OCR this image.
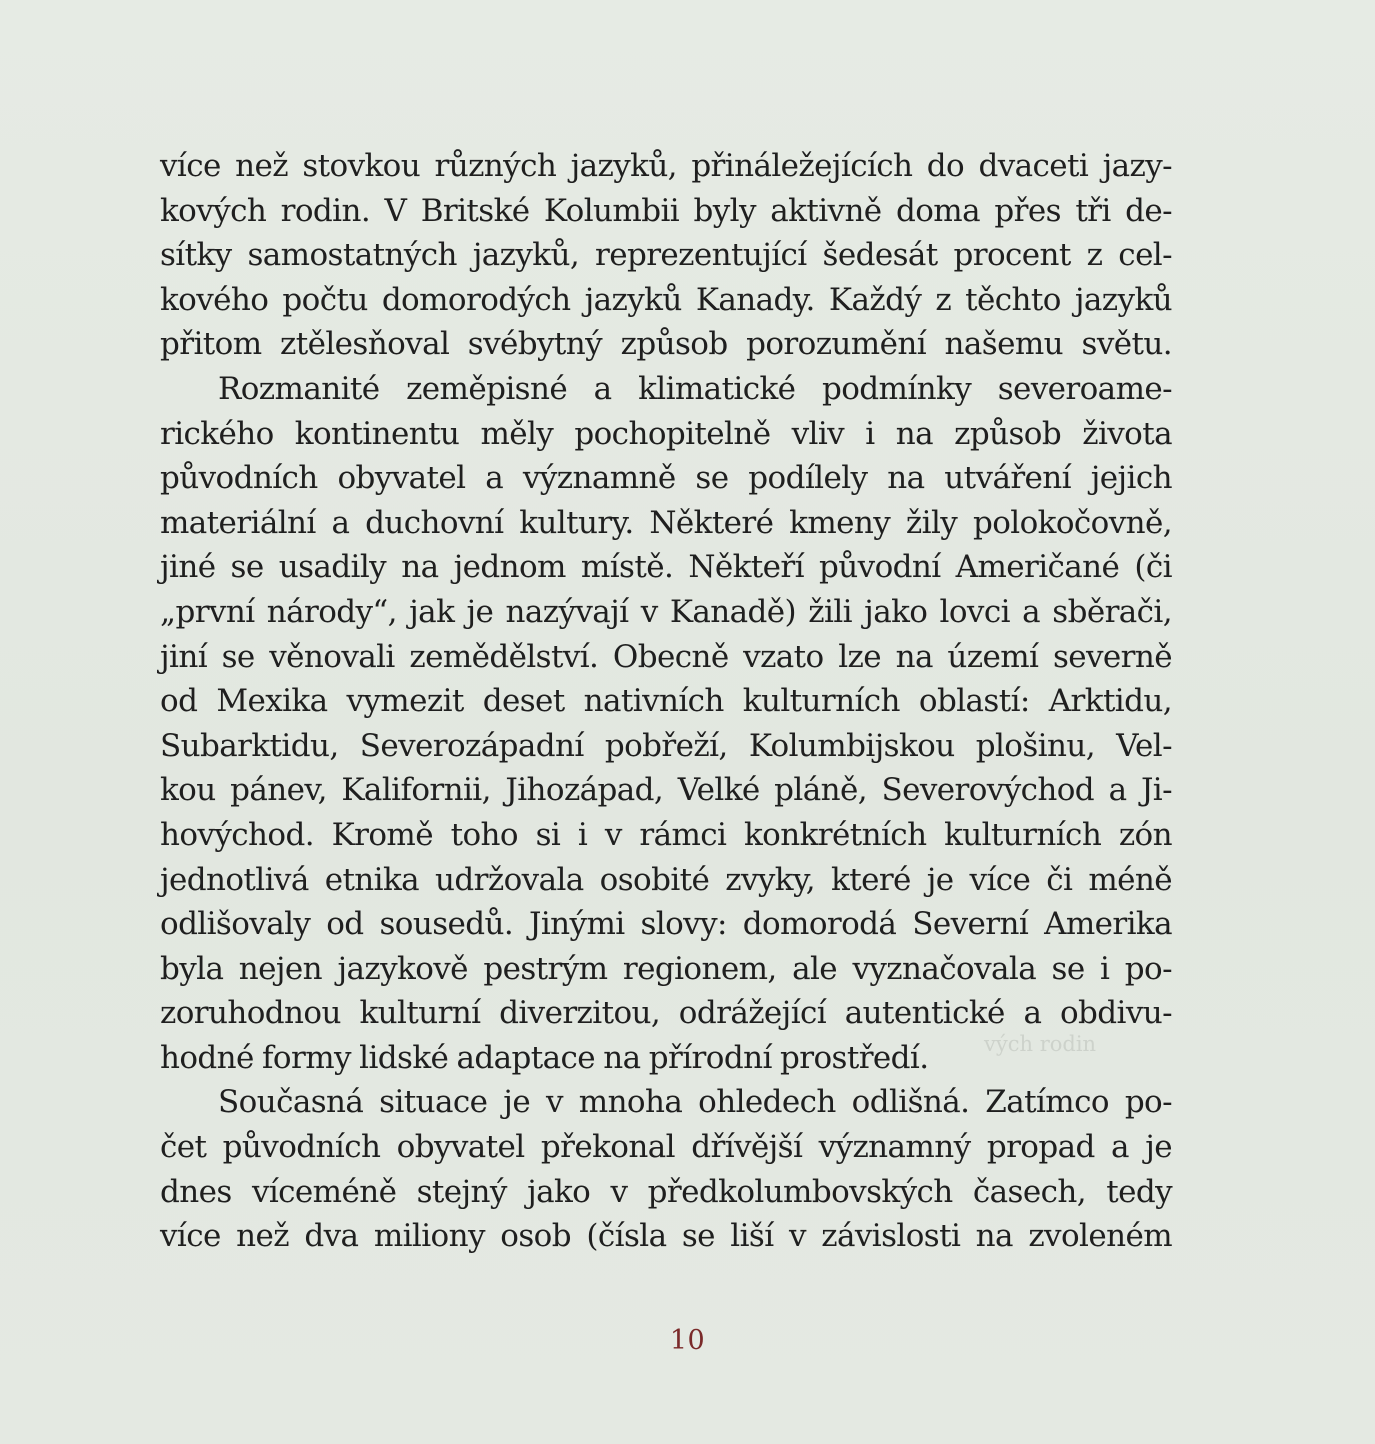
vých rodin
více než stovkou různých jazyků, přináležejících do dvaceti jazy-
kových rodin. V Britské Kolumbii byly aktivně doma přes tři de-
sítky samostatných jazyků, reprezentující šedesát procent z cel-
kového počtu domorodých jazyků Kanady. Každý z těchto jazyků
přitom ztělesňoval svébytný způsob porozumění našemu světu.
Rozmanité zeměpisné a klimatické podmínky severoame-
rického kontinentu měly pochopitelně vliv i na způsob života
původních obyvatel a významně se podílely na utváření jejich
materiální a duchovní kultury. Některé kmeny žily polokočovně,
jiné se usadily na jednom místě. Někteří původní Američané (či
„první národy“, jak je nazývají v Kanadě) žili jako lovci a sběrači,
jiní se věnovali zemědělství. Obecně vzato lze na území severně
od Mexika vymezit deset nativních kulturních oblastí: Arktidu,
Subarktidu, Severozápadní pobřeží, Kolumbijskou plošinu, Vel-
kou pánev, Kalifornii, Jihozápad, Velké pláně, Severovýchod a Ji-
hovýchod. Kromě toho si i v rámci konkrétních kulturních zón
jednotlivá etnika udržovala osobité zvyky, které je více či méně
odlišovaly od sousedů. Jinými slovy: domorodá Severní Amerika
byla nejen jazykově pestrým regionem, ale vyznačovala se i po-
zoruhodnou kulturní diverzitou, odrážející autentické a obdivu-
hodné formy lidské adaptace na přírodní prostředí.
Současná situace je v mnoha ohledech odlišná. Zatímco po-
čet původních obyvatel překonal dřívější významný propad a je
dnes víceméně stejný jako v předkolumbovských časech, tedy
více než dva miliony osob (čísla se liší v závislosti na zvoleném
10
